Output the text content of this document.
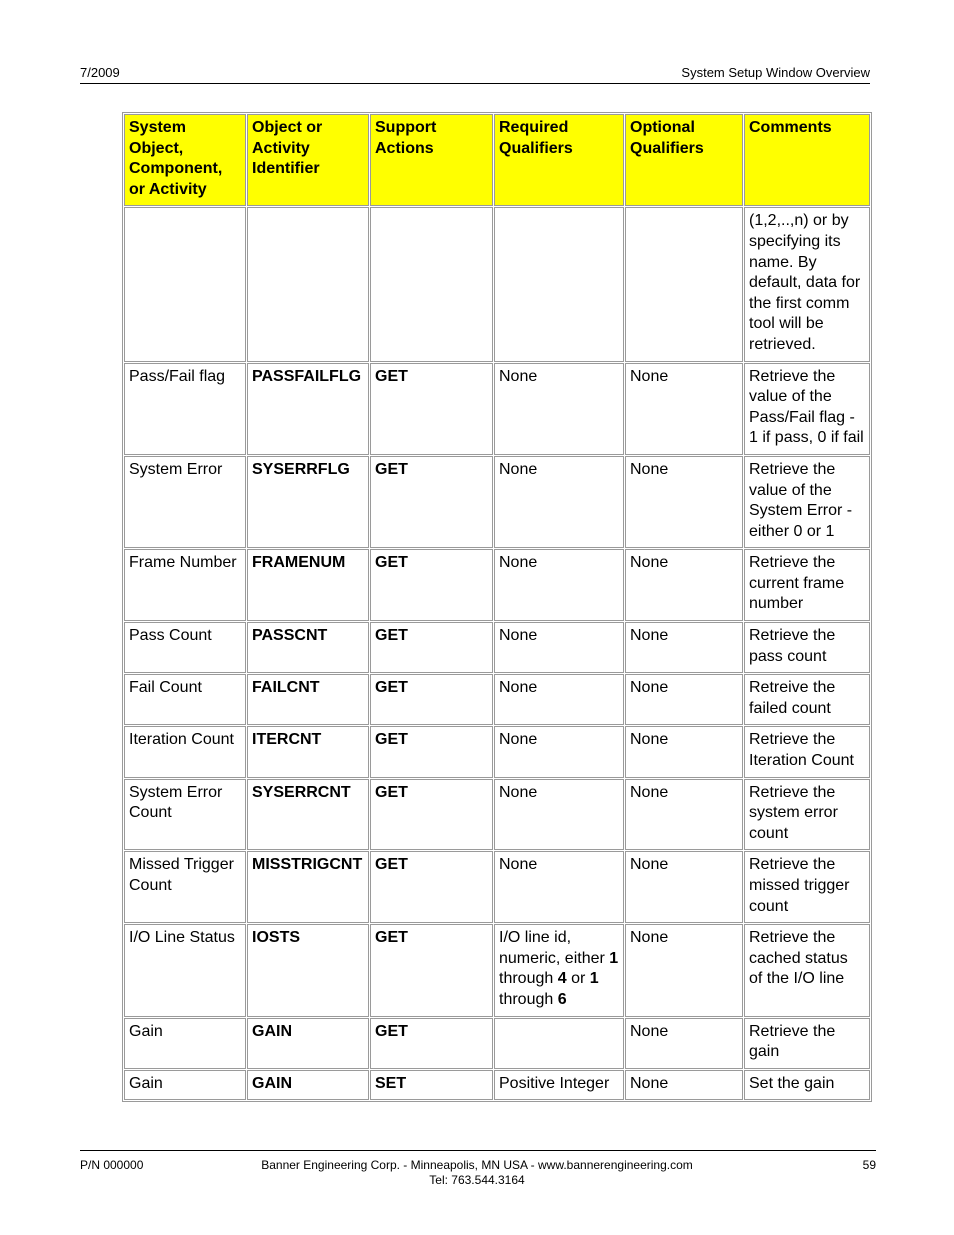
7/2009	System Setup Window Overview
System Object, Component, or Activity	Object or Activity Identifier	Support Actions	Required Qualifiers	Optional Qualifiers	Comments
					(1,2,..,n) or by specifying its name. By default, data for the first comm tool will be retrieved.
Pass/Fail flag	PASSFAILFLG	GET	None	None	Retrieve the value of the Pass/Fail flag - 1 if pass, 0 if fail
System Error	SYSERRFLG	GET	None	None	Retrieve the value of the System Error - either 0 or 1
Frame Number	FRAMENUM	GET	None	None	Retrieve the current frame number
Pass Count	PASSCNT	GET	None	None	Retrieve the pass count
Fail Count	FAILCNT	GET	None	None	Retreive the failed count
Iteration Count	ITERCNT	GET	None	None	Retrieve the Iteration Count
System Error Count	SYSERRCNT	GET	None	None	Retrieve the system error count
Missed Trigger Count	MISSTRIGCNT	GET	None	None	Retrieve the missed trigger count
I/O Line Status	IOSTS	GET	I/O line id, numeric, either 1 through 4 or 1 through 6	None	Retrieve the cached status of the I/O line
Gain	GAIN	GET		None	Retrieve the gain
Gain	GAIN	SET	Positive Integer	None	Set the gain
P/N 000000	Banner Engineering Corp. - Minneapolis, MN USA - www.bannerengineering.com
Tel: 763.544.3164
59
